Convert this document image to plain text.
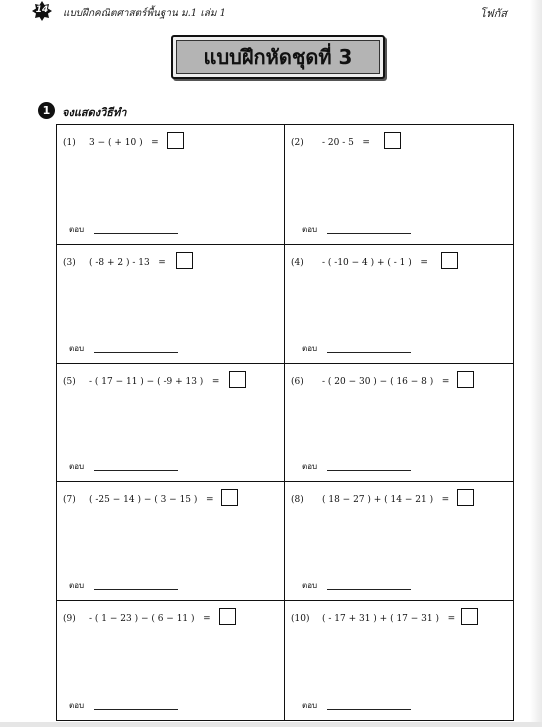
14	แบบฝึกคณิตศาสตร์พื้นฐาน ม.1 เล่ม 1	โฟกัส
แบบฝึกหัดชุดที่ 3
1	จงแสดงวิธีทำ
(1) 3 − ( + 10 )   =
ตอบ
(2) - 20 - 5   =
ตอบ
(3) ( -8 + 2 ) - 13   =
ตอบ
(4) - ( -10 − 4 ) + ( - 1 )   =
ตอบ
(5) - ( 17 − 11 ) − ( -9 + 13 )   =
ตอบ
(6) - ( 20 − 30 ) − ( 16 − 8 )   =
ตอบ
(7) ( -25 − 14 ) − ( 3 − 15 )   =
ตอบ
(8) ( 18 − 27 ) + ( 14 − 21 )   =
ตอบ
(9) - ( 1 − 23 ) − ( 6 − 11 )   =
ตอบ
(10) ( - 17 + 31 ) + ( 17 − 31 )   =
ตอบ
